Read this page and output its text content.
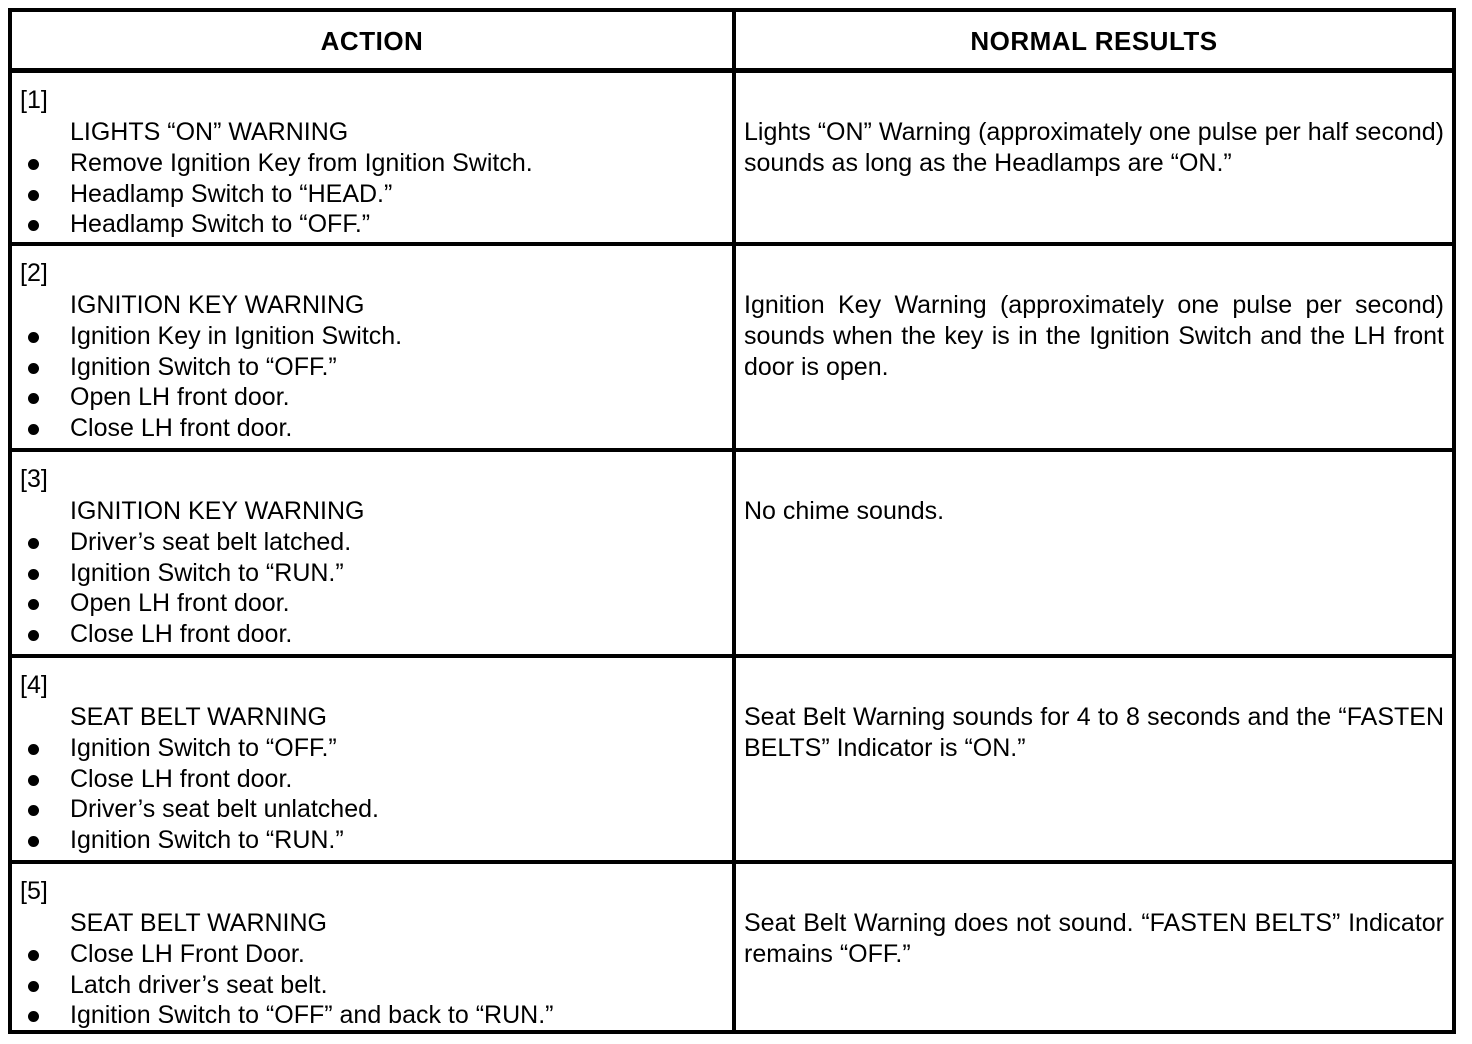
ACTION	NORMAL RESULTS
[1]
LIGHTS “ON” WARNING
Remove Ignition Key from Ignition Switch.
Headlamp Switch to “HEAD.”
Headlamp Switch to “OFF.”
Lights “ON” Warning (approximately one pulse per half second) sounds as long as the Headlamps are “ON.”
[2]
IGNITION KEY WARNING
Ignition Key in Ignition Switch.
Ignition Switch to “OFF.”
Open LH front door.
Close LH front door.
Ignition Key Warning (approximately one pulse per second) sounds when the key is in the Ignition Switch and the LH front door is open.
[3]
IGNITION KEY WARNING
Driver’s seat belt latched.
Ignition Switch to “RUN.”
Open LH front door.
Close LH front door.
No chime sounds.
[4]
SEAT BELT WARNING
Ignition Switch to “OFF.”
Close LH front door.
Driver’s seat belt unlatched.
Ignition Switch to “RUN.”
Seat Belt Warning sounds for 4 to 8 seconds and the “FASTEN BELTS” Indicator is “ON.”
[5]
SEAT BELT WARNING
Close LH Front Door.
Latch driver’s seat belt.
Ignition Switch to “OFF” and back to “RUN.”
Seat Belt Warning does not sound. “FASTEN BELTS” Indicator remains “OFF.”
